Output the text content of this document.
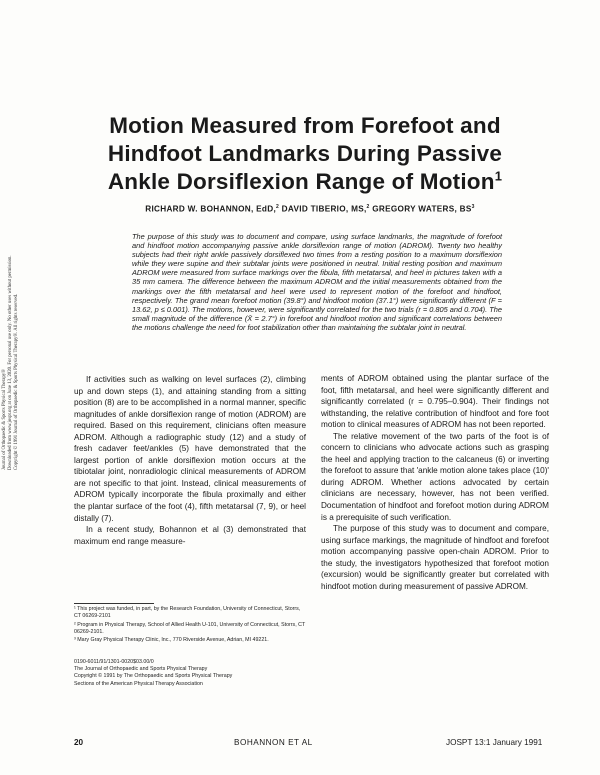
Journal of Orthopaedic & Sports Physical Therapy® Downloaded from www.jospt.org at on June 13, 2020. For personal use only. No other uses without permission. Copyright © 1991 Journal of Orthopaedic & Sports Physical Therapy®. All rights reserved.
Motion Measured from Forefoot and
Hindfoot Landmarks During Passive
Ankle Dorsiflexion Range of Motion$^1$
RICHARD W. BOHANNON, EdD,$^2$ DAVID TIBERIO, MS,$^2$ GREGORY WATERS, $BS^3$
The purpose of this study was to document and compare, using surface landmarks, the magnitude of forefoot and hindfoot motion accompanying passive ankle dorsiflexion range of motion (ADROM). Twenty two healthy subjects had their right ankle passively dorsiflexed two times from a resting position to a maximum dorsiflexion while they were supine and their subtalar joints were positioned in neutral. Initial resting position and maximum ADROM were measured from surface markings over the fibula, fifth metatarsal, and heel in pictures taken with a 35 mm camera. The difference between the maximum ADROM and the initial measurements obtained from the markings over the fifth metatarsal and heel were used to represent motion of the forefoot and hindfoot, respectively. The grand mean forefoot motion (39.8°) and hindfoot motion (37.1°) were significantly different (F = 13.62, p ≤ 0.001). The motions, however, were significantly correlated for the two trials (r = 0.805 and 0.704). The small magnitude of the difference (X̄ = 2.7°) in forefoot and hindfoot motion and significant correlations between the motions challenge the need for foot stabilization other than maintaining the subtalar joint in neutral.

If activities such as walking on level surfaces (2), climbing up and down steps (1), and attaining standing from a sitting position (8) are to be accomplished in a normal manner, specific magnitudes of ankle dorsiflexion range of motion (ADROM) are required. Based on this requirement, clinicians often measure ADROM. Although a radiographic study (12) and a study of fresh cadaver feet/ankles (5) have demonstrated that the largest portion of ankle dorsiflexion motion occurs at the tibiotalar joint, nonradiologic clinical measurements of ADROM are not specific to that joint. Instead, clinical measurements of ADROM typically incorporate the fibula proximally and either the plantar surface of the foot (4), fifth metatarsal (7, 9), or heel distally (7).

In a recent study, Bohannon et al (3) demonstrated that maximum end range measure-

¹ This project was funded, in part, by the Research Foundation, University of Connecticut, Storrs, CT 06269-2101
² Program in Physical Therapy, School of Allied Health U-101, University of Connecticut, Storrs, CT 06269-2101.
³ Mary Gray Physical Therapy Clinic, Inc., 770 Riverside Avenue, Adrian, MI 49221.
0190-6011/91/1301-0020$03.00/0
The Journal of Orthopaedic and Sports Physical Therapy
Copyright © 1991 by The Orthopaedic and Sports Physical Therapy
Sections of the American Physical Therapy Association

ments of ADROM obtained using the plantar surface of the foot, fifth metatarsal, and heel were significantly different and significantly correlated (r = 0.795–0.904). Their findings not withstanding, the relative contribution of hindfoot and fore foot motion to clinical measures of ADROM has not been reported.

The relative movement of the two parts of the foot is of concern to clinicians who advocate actions such as grasping the heel and applying traction to the calcaneus (6) or inverting the forefoot to assure that 'ankle motion alone takes place (10)' during ADROM. Whether actions advocated by certain clinicians are necessary, however, has not been verified. Documentation of hindfoot and forefoot motion during ADROM is a prerequisite of such verification.

The purpose of this study was to document and compare, using surface markings, the magnitude of hindfoot and forefoot motion accompanying passive open-chain ADROM. Prior to the study, the investigators hypothesized that forefoot motion (excursion) would be significantly greater but correlated with hindfoot motion during measurement of passive ADROM.

20	BOHANNON ET AL	JOSPT 13:1 January 1991
